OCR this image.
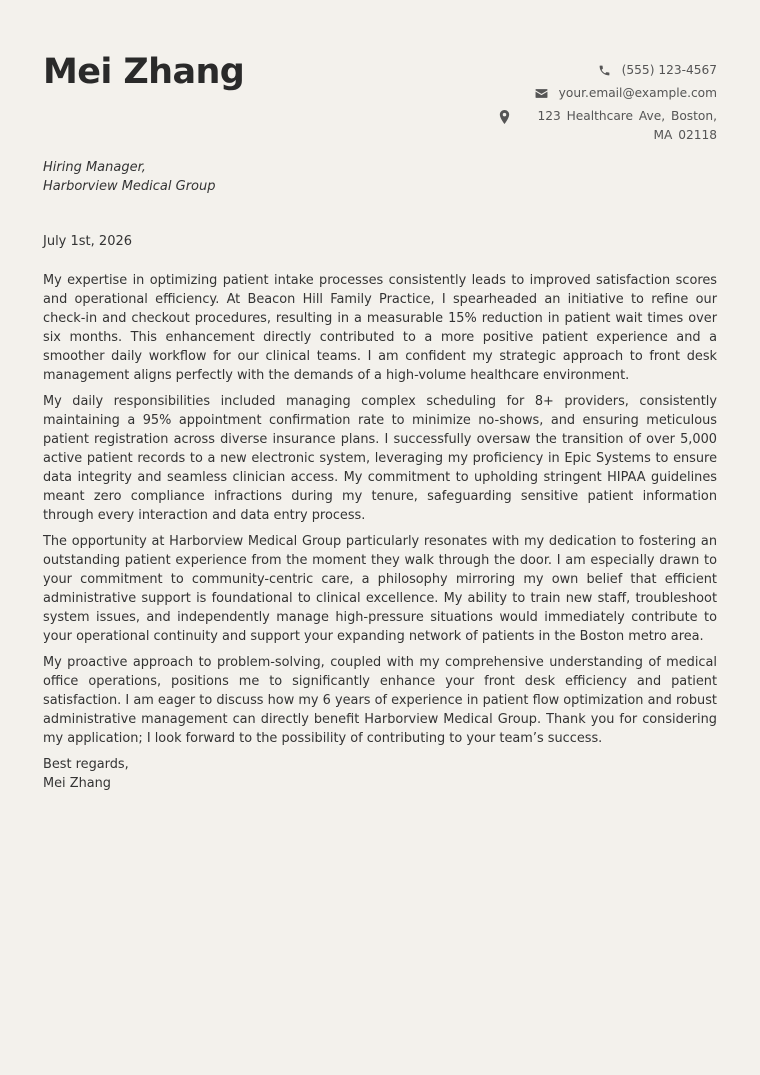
Mei Zhang	(555) 123-4567
your.email@example.com
123 Healthcare Ave, Boston, MA 02118
Hiring Manager,
Harborview Medical Group
July 1st, 2026

My expertise in optimizing patient intake processes consistently leads to improved satisfaction scores and operational efficiency. At Beacon Hill Family Practice, I spearheaded an initiative to refine our check-in and checkout procedures, resulting in a measurable 15% reduction in patient wait times over six months. This enhancement directly contributed to a more positive patient experience and a smoother daily workflow for our clinical teams. I am confident my strategic approach to front desk management aligns perfectly with the demands of a high-volume healthcare environment.

My daily responsibilities included managing complex scheduling for 8+ providers, consistently maintaining a 95% appointment confirmation rate to minimize no-shows, and ensuring meticulous patient registration across diverse insurance plans. I successfully oversaw the transition of over 5,000 active patient records to a new electronic system, leveraging my proficiency in Epic Systems to ensure data integrity and seamless clinician access. My commitment to upholding stringent HIPAA guidelines meant zero compliance infractions during my tenure, safeguarding sensitive patient information through every interaction and data entry process.

The opportunity at Harborview Medical Group particularly resonates with my dedication to fostering an outstanding patient experience from the moment they walk through the door. I am especially drawn to your commitment to community-centric care, a philosophy mirroring my own belief that efficient administrative support is foundational to clinical excellence. My ability to train new staff, troubleshoot system issues, and independently manage high-pressure situations would immediately contribute to your operational continuity and support your expanding network of patients in the Boston metro area.

My proactive approach to problem-solving, coupled with my comprehensive understanding of medical office operations, positions me to significantly enhance your front desk efficiency and patient satisfaction. I am eager to discuss how my 6 years of experience in patient flow optimization and robust administrative management can directly benefit Harborview Medical Group. Thank you for considering my application; I look forward to the possibility of contributing to your team’s success.

Best regards,
Mei Zhang
